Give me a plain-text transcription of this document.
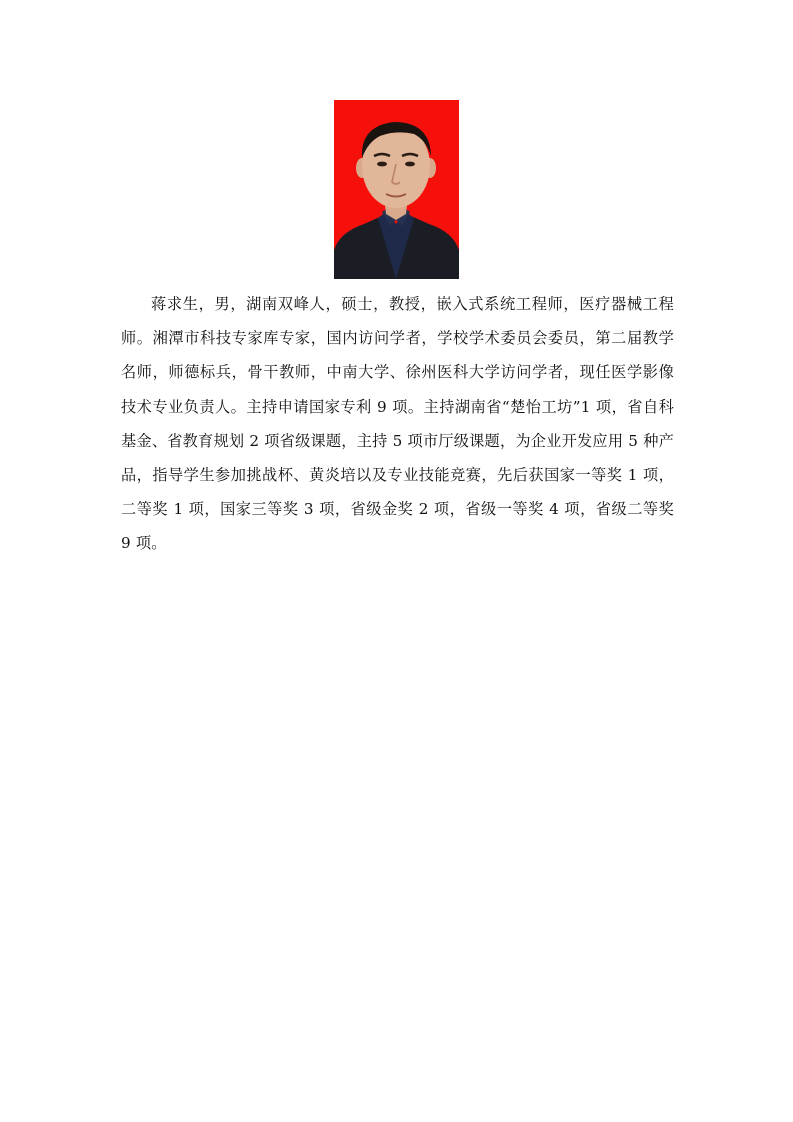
蒋求生，男，湖南双峰人，硕士，教授，嵌入式系统工程师，医疗器械工程师。湘潭市科技专家库专家，国内访问学者，学校学术委员会委员，第二届教学名师，师德标兵，骨干教师，中南大学、徐州医科大学访问学者，现任医学影像技术专业负责人。主持申请国家专利 9 项。主持湖南省“楚怡工坊”1 项，省自科基金、省教育规划 2 项省级课题，主持 5 项市厅级课题，为企业开发应用 5 种产品，指导学生参加挑战杯、黄炎培以及专业技能竞赛，先后获国家一等奖 1 项，二等奖 1 项，国家三等奖 3 项，省级金奖 2 项，省级一等奖 4 项，省级二等奖 9 项。
